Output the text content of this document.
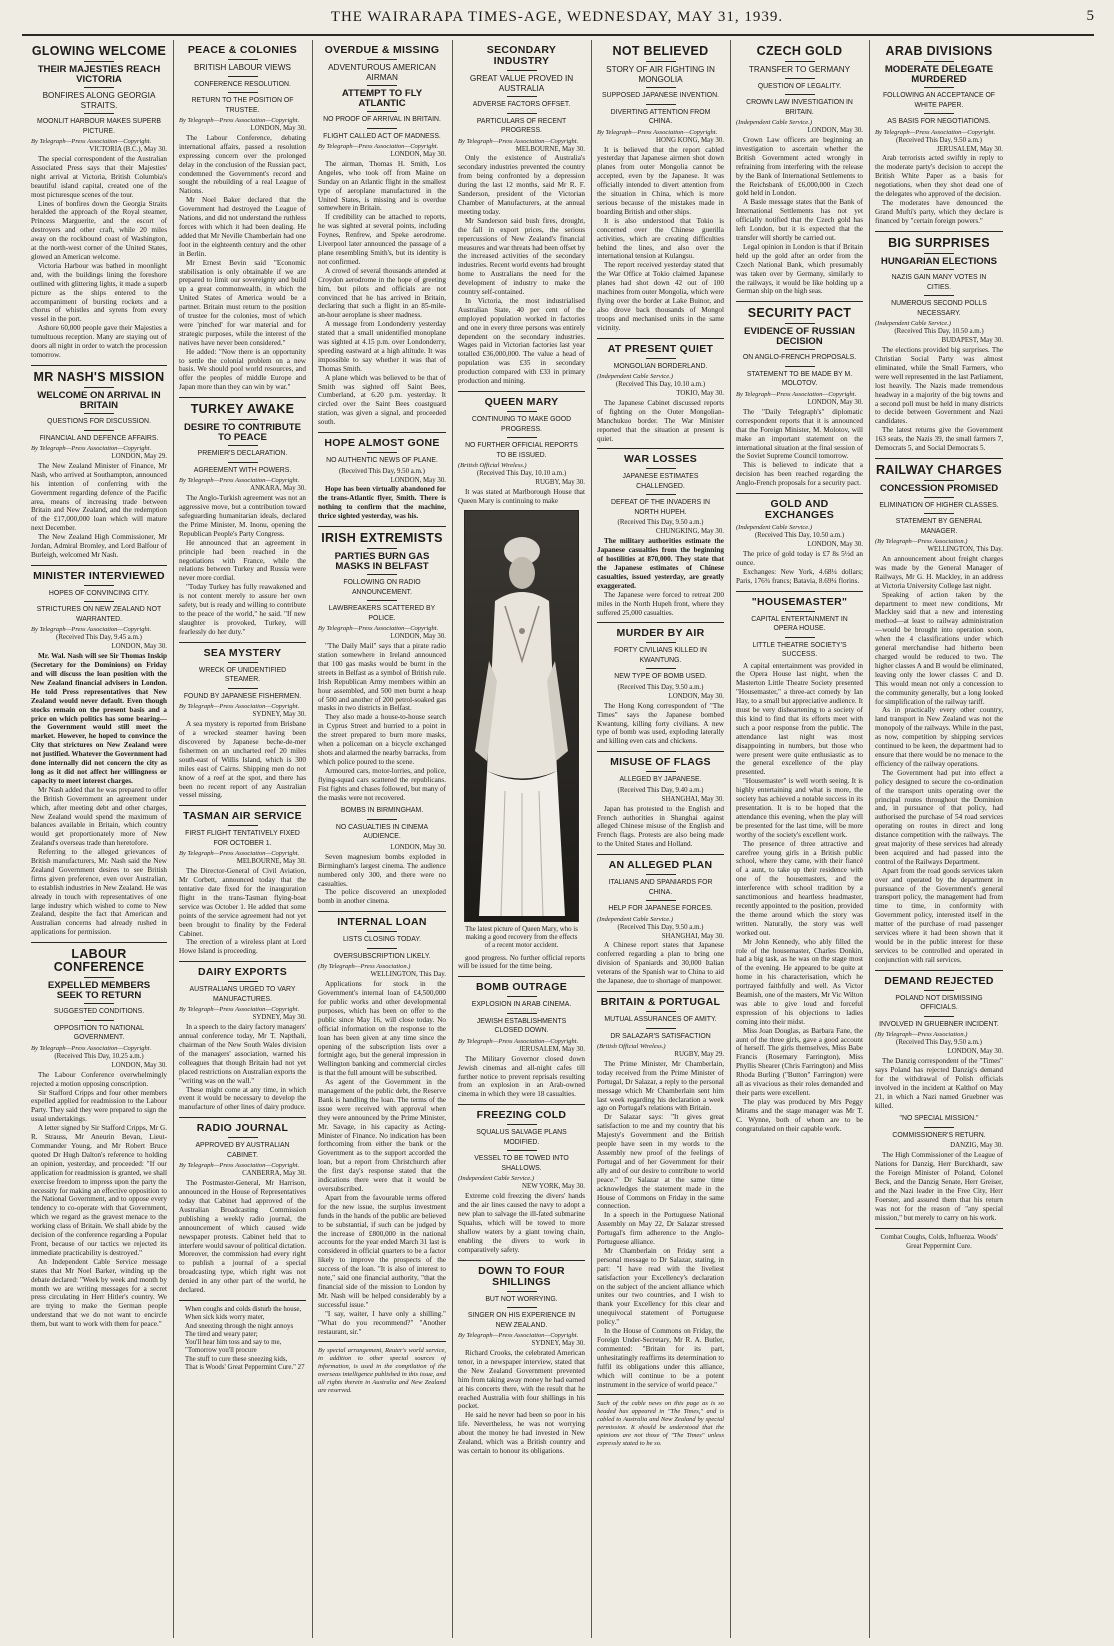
THE WAIRARAPA TIMES-AGE, WEDNESDAY, MAY 31, 1939.	5
GLOWING WELCOME
THEIR MAJESTIES REACH VICTORIA
BONFIRES ALONG GEORGIA STRAITS.
MOONLIT HARBOUR MAKES SUPERB PICTURE.
By Telegraph—Press Association—Copyright.
VICTORIA (B.C.), May 30.

The special correspondent of the Australian Associated Press says that their Majesties' night arrival at Victoria, British Columbia's beautiful island capital, created one of the most picturesque scenes of the tour.

Lines of bonfires down the Georgia Straits heralded the approach of the Royal steamer, Princess Marguerite, and the escort of destroyers and other craft, while 20 miles away on the rockbound coast of Washington, at the north-west corner of the United States, glowed an American welcome.

Victoria Harbour was bathed in moonlight and, with the buildings lining the foreshore outlined with glittering lights, it made a superb picture as the ships entered to the accompaniment of bursting rockets and a chorus of whistles and syrens from every vessel in the port.

Ashore 60,000 people gave their Majesties a tumultuous reception. Many are staying out of doors all night in order to watch the procession tomorrow.

MR NASH'S MISSION
WELCOME ON ARRIVAL IN BRITAIN
QUESTIONS FOR DISCUSSION.
FINANCIAL AND DEFENCE AFFAIRS.
By Telegraph—Press Association—Copyright.
LONDON, May 29.

The New Zealand Minister of Finance, Mr Nash, who arrived at Southampton, announced his intention of conferring with the Government regarding defence of the Pacific area, means of increasing trade between Britain and New Zealand, and the redemption of the £17,000,000 loan which will mature next December.

The New Zealand High Commissioner, Mr Jordan, Admiral Bromley, and Lord Balfour of Burleigh, welcomed Mr Nash.

MINISTER INTERVIEWED
HOPES OF CONVINCING CITY.
STRICTURES ON NEW ZEALAND NOT WARRANTED.
By Telegraph—Press Association—Copyright.
(Received This Day, 9.45 a.m.)
LONDON, May 30.

Mr. Wal. Nash will see Sir Thomas Inskip (Secretary for the Dominions) on Friday and will discuss the loan position with the New Zealand financial advisers in London. He told Press representatives that New Zealand would never default. Even though stocks remain on the present basis and a price on which politics has some bearing—the Government would still meet the market. However, he hoped to convince the City that strictures on New Zealand were not justified. Whatever the Government had done internally did not concern the city as long as it did not affect her willingness or capacity to meet interest charges.

Mr Nash added that he was prepared to offer the British Government an agreement under which, after meeting debt and other charges, New Zealand would spend the maximum of balances available in Britain, which country would get proportionately more of New Zealand's overseas trade than heretofore.

Referring to the alleged grievances of British manufacturers, Mr. Nash said the New Zealand Government desires to see British firms given preference, even over Australian, to establish industries in New Zealand. He was already in touch with representatives of one large industry which wished to come to New Zealand, despite the fact that American and Australian concerns had already rushed in applications for permission.

LABOUR CONFERENCE
EXPELLED MEMBERS SEEK TO RETURN
SUGGESTED CONDITIONS.
OPPOSITION TO NATIONAL GOVERNMENT.
By Telegraph—Press Association—Copyright.
(Received This Day, 10.25 a.m.)
LONDON, May 30.

The Labour Conference overwhelmingly rejected a motion opposing conscription.

Sir Stafford Cripps and four other members expelled applied for readmission to the Labour Party. They said they were prepared to sign the usual undertakings.

A letter signed by Sir Stafford Cripps, Mr G. R. Strauss, Mr Aneurin Bevan, Lieut-Commander Young, and Mr Robert Bruce quoted Dr Hugh Dalton's reference to holding an opinion, yesterday, and proceeded: "If our application for readmission is granted, we shall exercise freedom to impress upon the party the necessity for making an effective opposition to the National Government, and to oppose every tendency to co-operate with that Government, which we regard as the gravest menace to the working class of Britain. We shall abide by the decision of the conference regarding a Popular Front, because of our tactics we rejected its immediate practicability is destroyed."

An Independent Cable Service message states that Mr Noel Barker, winding up the debate declared: "Week by week and month by month we are writing messages for a secret press circulating in Herr Hitler's country. We are trying to make the German people understand that we do not want to encircle them, but want to work with them for peace."

PEACE & COLONIES
BRITISH LABOUR VIEWS
CONFERENCE RESOLUTION.
RETURN TO THE POSITION OF TRUSTEE.
By Telegraph—Press Association—Copyright.
LONDON, May 30.

The Labour Conference, debating international affairs, passed a resolution expressing concern over the prolonged delay in the conclusion of the Russian pact, condemned the Government's record and sought the rebuilding of a real League of Nations.

Mr Noel Baker declared that the Government had destroyed the League of Nations, and did not understand the ruthless forces with which it had been dealing. He added that Mr Neville Chamberlain had one foot in the eighteenth century and the other in Berlin.

Mr Ernest Bevin said "Economic stabilisation is only obtainable if we are prepared to limit our sovereignty and build up a great commonwealth, in which the United States of America would be a partner. Britain must return to the position of trustee for the colonies, most of which were 'pinched' for war material and for strategic purposes, while the interest of the natives have never been considered."

He added: "Now there is an opportunity to settle the colonial problem on a new basis. We should pool world resources, and offer the peoples of middle Europe and Japan more than they can win by war."

TURKEY AWAKE
DESIRE TO CONTRIBUTE TO PEACE
PREMIER'S DECLARATION.
AGREEMENT WITH POWERS.
By Telegraph—Press Association—Copyright.
ANKARA, May 30.

The Anglo-Turkish agreement was not an aggressive move, but a contribution toward safeguarding humanitarian ideals, declared the Prime Minister, M. Inonu, opening the Republican People's Party Congress.

He announced that an agreement in principle had been reached in the negotiations with France, while the relations between Turkey and Russia were never more cordial.

"Today Turkey has fully reawakened and is not content merely to assure her own safety, but is ready and willing to contribute to the peace of the world," he said. "If new slaughter is provoked, Turkey, will fearlessly do her duty."

SEA MYSTERY
WRECK OF UNIDENTIFIED STEAMER.
FOUND BY JAPANESE FISHERMEN.
By Telegraph—Press Association—Copyright.
SYDNEY, May 30.

A sea mystery is reported from Brisbane of a wrecked steamer having been discovered by Japanese beche-de-mer fishermen on an uncharted reef 20 miles south-east of Willis Island, which is 300 miles east of Cairns. Shipping men do not know of a reef at the spot, and there has been no recent report of any Australian vessel missing.

TASMAN AIR SERVICE
FIRST FLIGHT TENTATIVELY FIXED FOR OCTOBER 1.
By Telegraph—Press Association—Copyright.
MELBOURNE, May 30.

The Director-General of Civil Aviation, Mr Corbett, announced today that the tentative date fixed for the inauguration flight in the trans-Tasman flying-boat service was October 1. He added that some points of the service agreement had not yet been brought to finality by the Federal Cabinet.

The erection of a wireless plant at Lord Howe Island is proceeding.

DAIRY EXPORTS
AUSTRALIANS URGED TO VARY MANUFACTURES.
By Telegraph—Press Association—Copyright.
SYDNEY, May 30.

In a speech to the dairy factory managers' annual conference today, Mr T. Napthali, chairman of the New South Wales division of the managers' association, warned his colleagues that though Britain had not yet placed restrictions on Australian exports the "writing was on the wall."

These might come at any time, in which event it would be necessary to develop the manufacture of other lines of dairy produce.

RADIO JOURNAL
APPROVED BY AUSTRALIAN CABINET.
By Telegraph—Press Association—Copyright.
CANBERRA, May 30.

The Postmaster-General, Mr Harrison, announced in the House of Representatives today that Cabinet had approved of the Australian Broadcasting Commission publishing a weekly radio journal, the announcement of which caused wide newspaper protests. Cabinet held that to interfere would savour of political dictation. Moreover, the commission had every right to publish a journal of a special broadcasting type, which right was not denied in any other part of the world, he declared.

When coughs and colds disturb the house,

When sick kids worry mater,

And sneezing through the night annoys

The tired and weary pater;

You'll hear him toss and say to me,

"Tomorrow you'll procure

The stuff to cure these sneezing kids,

That is Woods' Great Peppermint Cure." 27

OVERDUE & MISSING
ADVENTUROUS AMERICAN AIRMAN
ATTEMPT TO FLY ATLANTIC
NO PROOF OF ARRIVAL IN BRITAIN.
FLIGHT CALLED ACT OF MADNESS.
By Telegraph—Press Association—Copyright.
LONDON, May 30.

The airman, Thomas H. Smith, Los Angeles, who took off from Maine on Sunday on an Atlantic flight in the smallest type of aeroplane manufactured in the United States, is missing and is overdue somewhere in Britain.

If credibility can be attached to reports, he was sighted at several points, including Foynes, Renfrew, and Speke aerodrome. Liverpool later announced the passage of a plane resembling Smith's, but its identity is not confirmed.

A crowd of several thousands attended at Croydon aerodrome in the hope of greeting him, but pilots and officials are not convinced that he has arrived in Britain, declaring that such a flight in an 85-mile-an-hour aeroplane is sheer madness.

A message from Londonderry yesterday stated that a small unidentified monoplane was sighted at 4.15 p.m. over Londonderry, speeding eastward at a high altitude. It was impossible to say whether it was that of Thomas Smith.

A plane which was believed to be that of Smith was sighted off Saint Bees, Cumberland, at 6.20 p.m. yesterday. It circled over the Saint Bees coastguard station, was given a signal, and proceeded south.

HOPE ALMOST GONE
NO AUTHENTIC NEWS OF PLANE.
(Received This Day, 9.50 a.m.)
LONDON, May 30.

Hope has been virtually abandoned for the trans-Atlantic flyer, Smith. There is nothing to confirm that the machine, thrice sighted yesterday, was his.

IRISH EXTREMISTS
PARTIES BURN GAS MASKS IN BELFAST
FOLLOWING ON RADIO ANNOUNCEMENT.
LAWBREAKERS SCATTERED BY POLICE.
By Telegraph—Press Association—Copyright.
LONDON, May 30.

"The Daily Mail" says that a pirate radio station somewhere in Ireland announced that 100 gas masks would be burnt in the streets in Belfast as a symbol of British rule. Irish Republican Army members within an hour assembled, and 500 men burnt a heap of 500 and another of 200 petrol-soaked gas masks in two districts in Belfast.

They also made a house-to-house search in Cyprus Street and hurried to a point in the street prepared to burn more masks, when a policeman on a bicycle exchanged shots and alarmed the nearby barracks, from which police poured to the scene.

Armoured cars, motor-lorries, and police, flying-squad cars scattered the republicans. Fist fights and chases followed, but many of the masks were not recovered.

BOMBS IN BIRMINGHAM.
NO CASUALTIES IN CINEMA AUDIENCE.
LONDON, May 30.

Seven magnesium bombs exploded in Birmingham's largest cinema. The audience numbered only 300, and there were no casualties.

The police discovered an unexploded bomb in another cinema.

INTERNAL LOAN
LISTS CLOSING TODAY.
OVERSUBSCRIPTION LIKELY.
(By Telegraph—Press Association.)
WELLINGTON, This Day.

Applications for stock in the Government's internal loan of £4,500,000 for public works and other developmental purposes, which has been on offer to the public since May 16, will close today. No official information on the response to the loan has been given at any time since the opening of the subscription lists over a fortnight ago, but the general impression in Wellington banking and commercial circles is that the full amount will be subscribed.

As agent of the Government in the management of the public debt, the Reserve Bank is handling the loan. The terms of the issue were received with approval when they were announced by the Prime Minister, Mr. Savage, in his capacity as Acting-Minister of Finance. No indication has been forthcoming from either the bank or the Government as to the support accorded the loan, but a report from Christchurch after the first day's response stated that the indications there were that it would be oversubscribed.

Apart from the favourable terms offered for the new issue, the surplus investment funds in the hands of the public are believed to be substantial, if such can be judged by the increase of £800,000 in the national accounts for the year ended March 31 last is considered in official quarters to be a factor likely to improve the prospects of the success of the loan. "It is also of interest to note," said one financial authority, "that the financial side of the mission to London by Mr. Nash will be helped considerably by a successful issue."

"I say, waiter, I have only a shilling." "What do you recommend?" "Another restaurant, sir."

By special arrangement, Reuter's world service, in addition to other special sources of information, is used in the compilation of the overseas intelligence published in this issue, and all rights therein in Australia and New Zealand are reserved.
SECONDARY INDUSTRY
GREAT VALUE PROVED IN AUSTRALIA
ADVERSE FACTORS OFFSET.
PARTICULARS OF RECENT PROGRESS.
By Telegraph—Press Association—Copyright.
MELBOURNE, May 30.

Only the existence of Australia's secondary industries prevented the country from being confronted by a depression during the last 12 months, said Mr R. F. Sanderson, president of the Victorian Chamber of Manufacturers, at the annual meeting today.

Mr Sanderson said bush fires, drought, the fall in export prices, the serious repercussions of New Zealand's financial measures and war threats had been offset by the increased activities of the secondary industries. Recent world events had brought home to Australians the need for the development of industry to make the country self-contained.

In Victoria, the most industrialised Australian State, 40 per cent of the employed population worked in factories and one in every three persons was entirely dependent on the secondary industries. Wages paid in Victorian factories last year totalled £36,000,000. The value a head of population was £35 in secondary production compared with £33 in primary production and mining.

QUEEN MARY
CONTINUING TO MAKE GOOD PROGRESS.
NO FURTHER OFFICIAL REPORTS TO BE ISSUED.
(British Official Wireless.)
(Received This Day, 10.10 a.m.)
RUGBY, May 30.

It was stated at Marlborough House that Queen Mary is continuing to make

The latest picture of Queen Mary, who is making a good recovery from the effects of a recent motor accident.

good progress. No further official reports will be issued for the time being.

BOMB OUTRAGE
EXPLOSION IN ARAB CINEMA.
JEWISH ESTABLISHMENTS CLOSED DOWN.
By Telegraph—Press Association—Copyright.
JERUSALEM, May 30.

The Military Governor closed down Jewish cinemas and all-night cafes till further notice to prevent reprisals resulting from an explosion in an Arab-owned cinema in which they were 18 casualties.

FREEZING COLD
SQUALUS SALVAGE PLANS MODIFIED.
VESSEL TO BE TOWED INTO SHALLOWS.
(Independent Cable Service.)
NEW YORK, May 30.

Extreme cold freezing the divers' hands and the air lines caused the navy to adopt a new plan to salvage the ill-fated submarine Squalus, which will be towed to more shallow waters by a giant towing chain, enabling the divers to work in comparatively safety.

DOWN TO FOUR SHILLINGS
BUT NOT WORRYING.
SINGER ON HIS EXPERIENCE IN NEW ZEALAND.
By Telegraph—Press Association—Copyright.
SYDNEY, May 30.

Richard Crooks, the celebrated American tenor, in a newspaper interview, stated that the New Zealand Government prevented him from taking away money he had earned at his concerts there, with the result that he reached Australia with four shillings in his pocket.

He said he never had been so poor in his life. Nevertheless, he was not worrying about the money he had invested in New Zealand, which was a British country and was certain to honour its obligations.

NOT BELIEVED
STORY OF AIR FIGHTING IN MONGOLIA
SUPPOSED JAPANESE INVENTION.
DIVERTING ATTENTION FROM CHINA.
By Telegraph—Press Association—Copyright.
HONG KONG, May 30.

It is believed that the report cabled yesterday that Japanese airmen shot down planes from outer Mongolia cannot be accepted, even by the Japanese. It was officially intended to divert attention from the situation in China, which is more serious because of the mistakes made in boarding British and other ships.

It is also understood that Tokio is concerned over the Chinese guerilla activities, which are creating difficulties behind the lines, and also over the international tension at Kulangsu.

The report received yesterday stated that the War Office at Tokio claimed Japanese planes had shot down 42 out of 100 machines from outer Mongolia, which were flying over the border at Lake Buinor, and also drove back thousands of Mongol troops and mechanised units in the same vicinity.

AT PRESENT QUIET
MONGOLIAN BORDERLAND.
(Independent Cable Service.)
(Received This Day, 10.10 a.m.)
TOKIO, May 30.

The Japanese Cabinet discussed reports of fighting on the Outer Mongolian-Manchukuo border. The War Minister reported that the situation at present is quiet.

WAR LOSSES
JAPANESE ESTIMATES CHALLENGED.
DEFEAT OF THE INVADERS IN NORTH HUPEH.
(Received This Day, 9.50 a.m.)
CHUNGKING, May 30.

The military authorities estimate the Japanese casualties from the beginning of hostilities at 870,000. They state that the Japanese estimates of Chinese casualties, issued yesterday, are greatly exaggerated.

The Japanese were forced to retreat 200 miles in the North Hupeh front, where they suffered 25,000 casualties.

MURDER BY AIR
FORTY CIVILIANS KILLED IN KWANTUNG.
NEW TYPE OF BOMB USED.
(Received This Day, 9.50 a.m.)
LONDON, May 30.

The Hong Kong correspondent of "The Times" says the Japanese bombed Kwantung, killing forty civilians. A new type of bomb was used, exploding laterally and killing even cats and chickens.

MISUSE OF FLAGS
ALLEGED BY JAPANESE.
(Received This Day, 9.40 a.m.)
SHANGHAI, May 30.

Japan has protested to the English and French authorities in Shanghai against alleged Chinese misuse of the English and French flags. Protests are also being made to the United States and Holland.

AN ALLEGED PLAN
ITALIANS AND SPANIARDS FOR CHINA.
HELP FOR JAPANESE FORCES.
(Independent Cable Service.)
(Received This Day, 9.50 a.m.)
SHANGHAI, May 30.

A Chinese report states that Japanese conferred regarding a plan to bring one division of Spaniards and 30,000 Italian veterans of the Spanish war to China to aid the Japanese, due to shortage of manpower.

BRITAIN & PORTUGAL
MUTUAL ASSURANCES OF AMITY.
DR SALAZAR'S SATISFACTION
(British Official Wireless.)
RUGBY, May 29.

The Prime Minister, Mr Chamberlain, today received from the Prime Minister of Portugal, Dr Salazar, a reply to the personal message which Mr Chamberlain sent him last week regarding his declaration a week ago on Portugal's relations with Britain.

Dr Salazar says: "It gives great satisfaction to me and my country that his Majesty's Government and the British people have seen in my words to the Assembly new proof of the feelings of Portugal and of her Government for their ally and of our desire to contribute to world peace." Dr Salazar at the same time acknowledges the statement made in the House of Commons on Friday in the same connection.

In a speech in the Portuguese National Assembly on May 22, Dr Salazar stressed Portugal's firm adherence to the Anglo-Portuguese alliance.

Mr Chamberlain on Friday sent a personal message to Dr Salazar, stating, in part: "I have read with the liveliest satisfaction your Excellency's declaration on the subject of the ancient alliance which unites our two countries, and I wish to thank your Excellency for this clear and unequivocal statement of Portuguese policy."

In the House of Commons on Friday, the Foreign Under-Secretary, Mr R. A. Butler, commented: "Britain for its part, unhesitatingly reaffirms its determination to fulfil its obligations under this alliance, which will continue to be a potent instrument in the service of world peace."

Such of the cable news on this page as is so headed has appeared in "The Times," and is cabled to Australia and New Zealand by special permission. It should be understood that the opinions are not those of "The Times" unless expressly stated to be so.
CZECH GOLD
TRANSFER TO GERMANY
QUESTION OF LEGALITY.
CROWN LAW INVESTIGATION IN BRITAIN.
(Independent Cable Service.)
LONDON, May 30.

Crown Law officers are beginning an investigation to ascertain whether the British Government acted wrongly in refraining from interfering with the release by the Bank of International Settlements to the Reichsbank of £6,000,000 in Czech gold held in London.

A Basle message states that the Bank of International Settlements has not yet officially notified that the Czech gold has left London, but it is expected that the transfer will shortly be carried out.

Legal opinion in London is that if Britain held up the gold after an order from the Czech National Bank, which presumably was taken over by Germany, similarly to the railways, it would be like holding up a German ship on the high seas.

SECURITY PACT
EVIDENCE OF RUSSIAN DECISION
ON ANGLO-FRENCH PROPOSALS.
STATEMENT TO BE MADE BY M. MOLOTOV.
By Telegraph—Press Association—Copyright.
LONDON, May 30.

The "Daily Telegraph's" diplomatic correspondent reports that it is announced that the Foreign Minister, M. Molotov, will make an important statement on the international situation at the final session of the Soviet Supreme Council tomorrow.

This is believed to indicate that a decision has been reached regarding the Anglo-French proposals for a security pact.

GOLD AND EXCHANGES
(Independent Cable Service.)
(Received This Day, 10.50 a.m.)
LONDON, May 30.

The price of gold today is £7 8s 5½d an ounce.

Exchanges: New York, 4.68¼ dollars; Paris, 176¾ francs; Batavia, 8.69¼ florins.

"HOUSEMASTER"
CAPITAL ENTERTAINMENT IN OPERA HOUSE.
LITTLE THEATRE SOCIETY'S SUCCESS.

A capital entertainment was provided in the Opera House last night, when the Masterton Little Theatre Society presented "Housemaster," a three-act comedy by Ian Hay, to a small but appreciative audience. It must be very disheartening to a society of this kind to find that its efforts meet with such a poor response from the public. The attendance last night was most disappointing in numbers, but those who were present were quite enthusiastic as to the general excellence of the play presented.

"Housemaster" is well worth seeing. It is highly entertaining and what is more, the society has achieved a notable success in its presentation. It is to be hoped that the attendance this evening, when the play will be presented for the last time, will be more worthy of the society's excellent work.

The presence of three attractive and carefree young girls in a British public school, where they came, with their fiancé of a aunt, to take up their residence with one of the housemasters, and the interference with school tradition by a sanctimonious and heartless headmaster, recently appointed to the position, provided the theme around which the story was written. Naturally, the story was well worked out.

Mr John Kennedy, who ably filled the role of the housemaster, Charles Donkin, had a big task, as he was on the stage most of the evening. He appeared to be quite at home in his characterisation, which he portrayed faithfully and well. As Victor Beamish, one of the masters, Mr Vic Wilton was able to give loud and forceful expression of his objections to ladies coming into their midst.

Miss Joan Douglas, as Barbara Fane, the aunt of the three girls, gave a good account of herself. The girls themselves, Miss Babe Francis (Rosemary Farrington), Miss Phyllis Shearer (Chris Farrington) and Miss Rhoda Burling ("Button" Farrington) were all as vivacious as their roles demanded and their parts were excellent.

The play was produced by Mrs Peggy Mirams and the stage manager was Mr T. C. Wynne, both of whom are to be congratulated on their capable work.

ARAB DIVISIONS
MODERATE DELEGATE MURDERED
FOLLOWING AN ACCEPTANCE OF WHITE PAPER.
AS BASIS FOR NEGOTIATIONS.
By Telegraph—Press Association—Copyright.
(Received This Day, 9.50 a.m.)
JERUSALEM, May 30.

Arab terrorists acted swiftly in reply to the moderate party's decision to accept the British White Paper as a basis for negotiations, when they shot dead one of the delegates who approved of the decision.

The moderates have denounced the Grand Mufti's party, which they declare is financed by "certain foreign powers."

BIG SURPRISES
HUNGARIAN ELECTIONS
NAZIS GAIN MANY VOTES IN CITIES.
NUMEROUS SECOND POLLS NECESSARY.
(Independent Cable Service.)
(Received This Day, 10.50 a.m.)
BUDAPEST, May 30.

The elections provided big surprises. The Christian Social Party was almost eliminated, while the Small Farmers, who were well represented in the last Parliament, lost heavily. The Nazis made tremendous headway in a majority of the big towns and a second poll must be held in many districts to decide between Government and Nazi candidates.

The latest returns give the Government 163 seats, the Nazis 39, the small farmers 7, Democrats 5, and Social Democrats 5.

RAILWAY CHARGES
CONCESSION PROMISED
ELIMINATION OF HIGHER CLASSES.
STATEMENT BY GENERAL MANAGER.
(By Telegraph—Press Association.)
WELLINGTON, This Day.

An announcement about freight charges was made by the General Manager of Railways, Mr G. H. Mackley, in an address at Victoria University College last night.

Speaking of action taken by the department to meet new conditions, Mr Mackley said that a new and interesting method—at least to railway administration—would be brought into operation soon, when the 4 classifications under which general merchandise had hitherto been charged would be reduced to two. The higher classes A and B would be eliminated, leaving only the lower classes C and D. This would mean not only a concession to the community generally, but a long looked for simplification of the railway tariff.

As in practically every other country, land transport in New Zealand was not the monopoly of the railways. While in the past, as now, competition by shipping services continued to be keen, the department had to ensure that there would be no menace to the efficiency of the railway operations.

The Government had put into effect a policy designed to secure the co-ordination of the transport units operating over the principal routes throughout the Dominion and, in pursuance of that policy, had authorised the purchase of 54 road services operating on routes in direct and long distance competition with the railways. The great majority of these services had already been acquired and had passed into the control of the Railways Department.

Apart from the road goods services taken over and operated by the department in pursuance of the Government's general transport policy, the management had from time to time, in conformity with Government policy, interested itself in the matter of the purchase of road passenger services where it had been shown that it would be in the public interest for these services to be controlled and operated in conjunction with rail services.

DEMAND REJECTED
POLAND NOT DISMISSING OFFICIALS.
INVOLVED IN GRUEBNER INCIDENT.
(By Telegraph—Press Association.)
(Received This Day, 9.50 a.m.)
LONDON, May 30.

The Danzig correspondent of the "Times" says Poland has rejected Danzig's demand for the withdrawal of Polish officials involved in the incident at Kalthof on May 21, in which a Nazi named Gruebner was killed.

"NO SPECIAL MISSION."
COMMISSIONER'S RETURN.
DANZIG, May 30.

The High Commissioner of the League of Nations for Danzig, Herr Burckhardt, saw the Foreign Minister of Poland, Colonel Beck, and the Danzig Senate, Herr Greiser, and the Nazi leader in the Free City, Herr Foerster, and assured them that his return was not for the reason of "any special mission," but merely to carry on his work.

Combat Coughs, Colds, Influenza. Woods' Great Peppermint Cure.
